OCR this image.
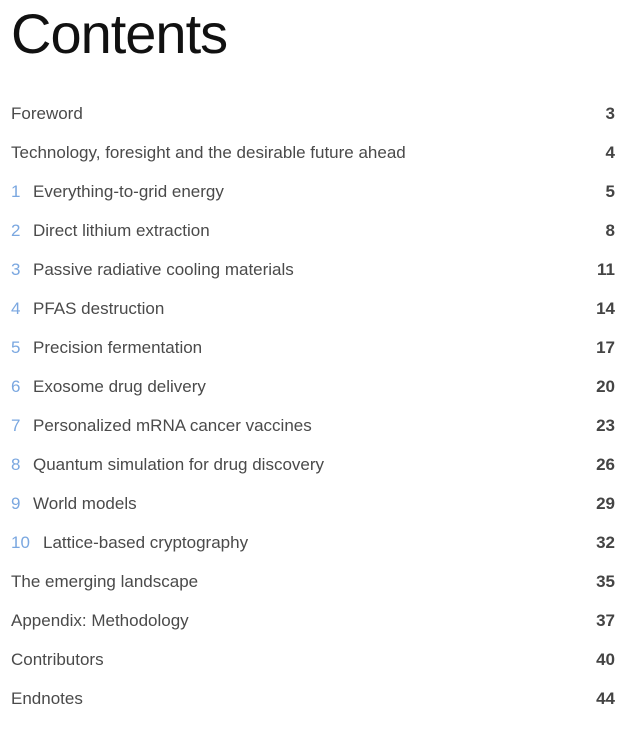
Contents
Foreword	3
Technology, foresight and the desirable future ahead	4
1 Everything-to-grid energy	5
2 Direct lithium extraction	8
3 Passive radiative cooling materials	11
4 PFAS destruction	14
5 Precision fermentation	17
6 Exosome drug delivery	20
7 Personalized mRNA cancer vaccines	23
8 Quantum simulation for drug discovery	26
9 World models	29
10 Lattice-based cryptography	32
The emerging landscape	35
Appendix: Methodology	37
Contributors	40
Endnotes	44
